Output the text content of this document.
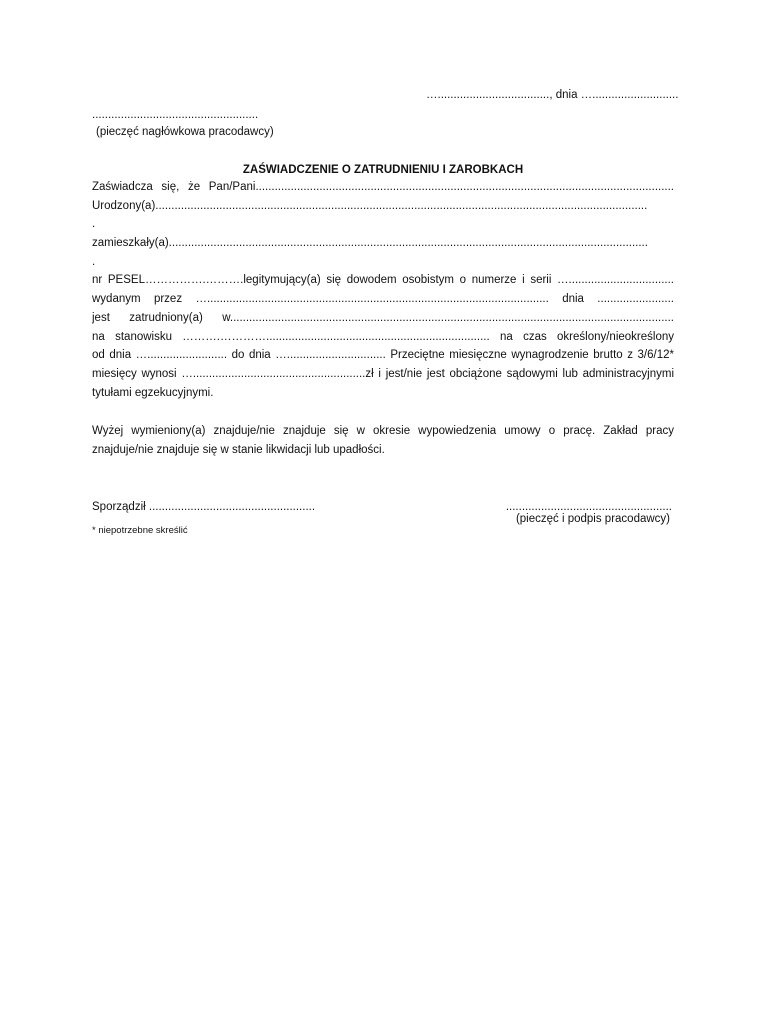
…..................................., dnia …...........................
....................................................
(pieczęć nagłówkowa pracodawcy)
ZAŚWIADCZENIE O ZATRUDNIENIU I ZAROBKACH
Zaświadcza się, że Pan/Pani...................................................................................................................................
Urodzony(a)..........................................................................................................................................................
.
zamieszkały(a)......................................................................................................................................................
.
nr PESEL…………….……….legitymujący(a) się dowodem osobistym o numerze i serii ….................................
wydanym przez …........................................................................................................... dnia ........................
jest zatrudniony(a) w...........................................................................................................................................
na stanowisku ……….…………...................................................................... na czas określony/nieokreślony
od dnia …......................... do dnia …............................... Przeciętne miesięczne wynagrodzenie brutto z 3/6/12*
miesięcy wynosi …......................................................zł i jest/nie jest obciążone sądowymi lub administracyjnymi
tytułami egzekucyjnymi.
Wyżej wymieniony(a) znajduje/nie znajduje się w okresie wypowiedzenia umowy o pracę. Zakład pracy
znajduje/nie znajduje się w stanie likwidacji lub upadłości.
Sporządził ....................................................	....................................................
(pieczęć i podpis pracodawcy)
* niepotrzebne skreślić
